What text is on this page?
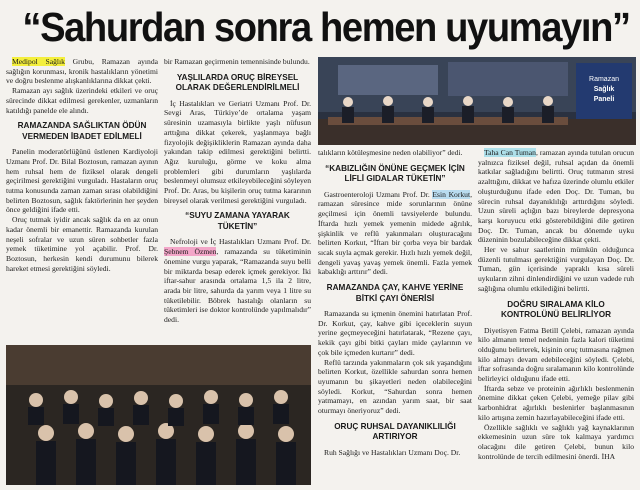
“Sahurdan sonra hemen uyumayın”

Medipol Sağlık Grubu, Ramazan ayında sağlığın korunması, kronik hastalıkların yönetimi ve doğru beslenme alışkanlıklarına dikkat çekti.

Ramazan ayı sağlık üzerindeki etkileri ve oruç sürecinde dikkat edilmesi gerekenler, uzmanların katıldığı panelde ele alındı.

RAMAZANDA SAĞLIKTAN ÖDÜN VERMEDEN İBADET EDİLMELİ

Panelin moderatörlüğünü üstlenen Kardiyoloji Uzmanı Prof. Dr. Bilal Boztosun, ramazan ayının hem ruhsal hem de fiziksel olarak dengeli geçirilmesi gerektiğini vurguladı. Hastaların oruç tutma konusunda zaman zaman sırası olabildiğini belirten Boztosun, sağlık faktörlerinin her şeyden önce geldiğini ifade etti.

Oruç tutmak iyidir ancak sağlık da en az onun kadar önemli bir emanettir. Ramazanda kurulan neşeli sofralar ve uzun süren sohbetler fazla yemek tüketimine yol açabilir. Prof. Dr. Boztosun, herkesin kendi durumunu bilerek hareket etmesi gerektiğini söyledi.

bir Ramazan geçirmenin temennisinde bulundu.

YAŞLILARDA ORUÇ BİREYSEL OLARAK DEĞERLENDİRİLMELİ

İç Hastalıkları ve Geriatri Uzmanı Prof. Dr. Sevgi Aras, Türkiye’de ortalama yaşam süresinin uzamasıyla birlikte yaşlı nüfusun arttığına dikkat çekerek, yaşlanmaya bağlı fizyolojik değişikliklerin Ramazan ayında daha yakından takip edilmesi gerektiğini belirtti. Ağız kuruluğu, görme ve koku alma problemleri gibi durumların yaşlılarda beslenmeyi olumsuz etkileyebileceğini söyleyen Prof. Dr. Aras, bu kişilerin oruç tutma kararının bireysel olarak verilmesi gerektiğini vurguladı.

“SUYU ZAMANA YAYARAK TÜKETİN”

Nefroloji ve İç Hastalıkları Uzmanı Prof. Dr. Şebnem Özmen, ramazanda su tüketiminin önemine vurgu yaparak, “Ramazanda suyu belli bir miktarda besap ederek içmek gerekiyor. İki iftar-sahur arasında ortalama 1,5 ila 2 litre, arada bir litre, sahurda da yarım veya 1 litre su tüketilebilir. Böbrek hastalığı olanların su tüketimleri ise doktor kontrolünde yapılmalıdır” dedi.

Ramazan
Sağlık
Paneli

talıkların kötüleşmesine neden olabiliyor” dedi.

“KABIZLIĞIN ÖNÜNE GEÇMEK İÇİN LİFLİ GIDALAR TÜKETİN”

Gastroenteroloji Uzmanı Prof. Dr. Esin Korkut, ramazan süresince mide sorunlarının önüne geçilmesi için önemli tavsiyelerde bulundu. İftarda hızlı yemek yemenin midede ağrılık, şişkinlik ve reflü yakınmaları oluşturacağını belirten Korkut, “İftarı bir çorba veya bir bardak sıcak suyla açmak gerekir. Hızlı hızlı yemek değil, dengeli yavaş yavaş yemek önemli. Fazla yemek kabaklığı arttırır” dedi.

RAMAZANDA ÇAY, KAHVE YERİNE BİTKİ ÇAYI ÖNERİSİ

Ramazanda su içmenin önemini hatırlatan Prof. Dr. Korkut, çay, kahve gibi içeceklerin suyun yerine geçmeyeceğini hatırlatarak, “Rezene çayı, kekik çayı gibi bitki çayları mide çaylarının ve çok bile içmeden kurtarır” dedi.

Reflü tarzında yakınmaların çok sık yaşandığını belirten Korkut, özellikle sahurdan sonra hemen uyumanın bu şikayetleri neden olabileceğini söyledi. Korkut, “Sahurdan sonra hemen yatmamayı, en azından yarım saat, bir saat oturmayı öneriyoruz” dedi.

ORUÇ RUHSAL DAYANIKLILIĞI ARTIRIYOR

Ruh Sağlığı ve Hastalıkları Uzmanı Doç. Dr.

Taha Can Tuman, ramazan ayında tutulan orucun yalnızca fiziksel değil, ruhsal açıdan da önemli katkılar sağladığını belirtti. Oruç tutmanın stresi azalttığını, dikkat ve hafıza üzerinde olumlu etkiler oluşturduğunu ifade eden Doç. Dr. Tuman, bu sürecin ruhsal dayanıklılığı arttırdığını söyledi. Uzun süreli açlığın bazı bireylerde depresyona karşı koruyucu etki gösterebildiğini dile getiren Doç. Dr. Tuman, ancak bu dönemde uyku düzeninin bozulabileceğine dikkat çekti.

Her ve sahur saatlerinin mümkün olduğunca düzenli tutulması gerektiğini vurgulayan Doç. Dr. Tuman, gün içerisinde yapraklı kısa süreli uykuların zihni dinlendirdiğini ve uzun vadede ruh sağlığına olumlu etkilediğini belirtti.

DOĞRU SIRALAMA KİLO KONTROLÜNÜ BELİRLİYOR

Diyetisyen Fatma Betill Çelebi, ramazan ayında kilo almanın temel nedeninin fazla kalori tüketimi olduğunu belirterek, kişinin oruç tutmasına rağmen kilo almayı devam edebileceğini söyledi. Çelebi, iftar sofrasında doğru sıralamanın kilo kontrolünde belirleyici olduğunu ifade etti.

İftarda sebze ve proteinin ağırlıklı beslenmenin önemine dikkat çeken Çelebi, yemeğe pilav gibi karbonhidrat ağırlıklı beslenirler başlanmasının kilo artışına zemin hazırlayabileceğini ifade etti.

Özellikle sağlıklı ve sağlıklı yağ kaynaklarının ekkemesinin uzun süre tok kalmaya yardımcı olacağını dile getiren Çelebi, bunun kilo kontrolünde de tercih edilmesini önerdi. İHA
